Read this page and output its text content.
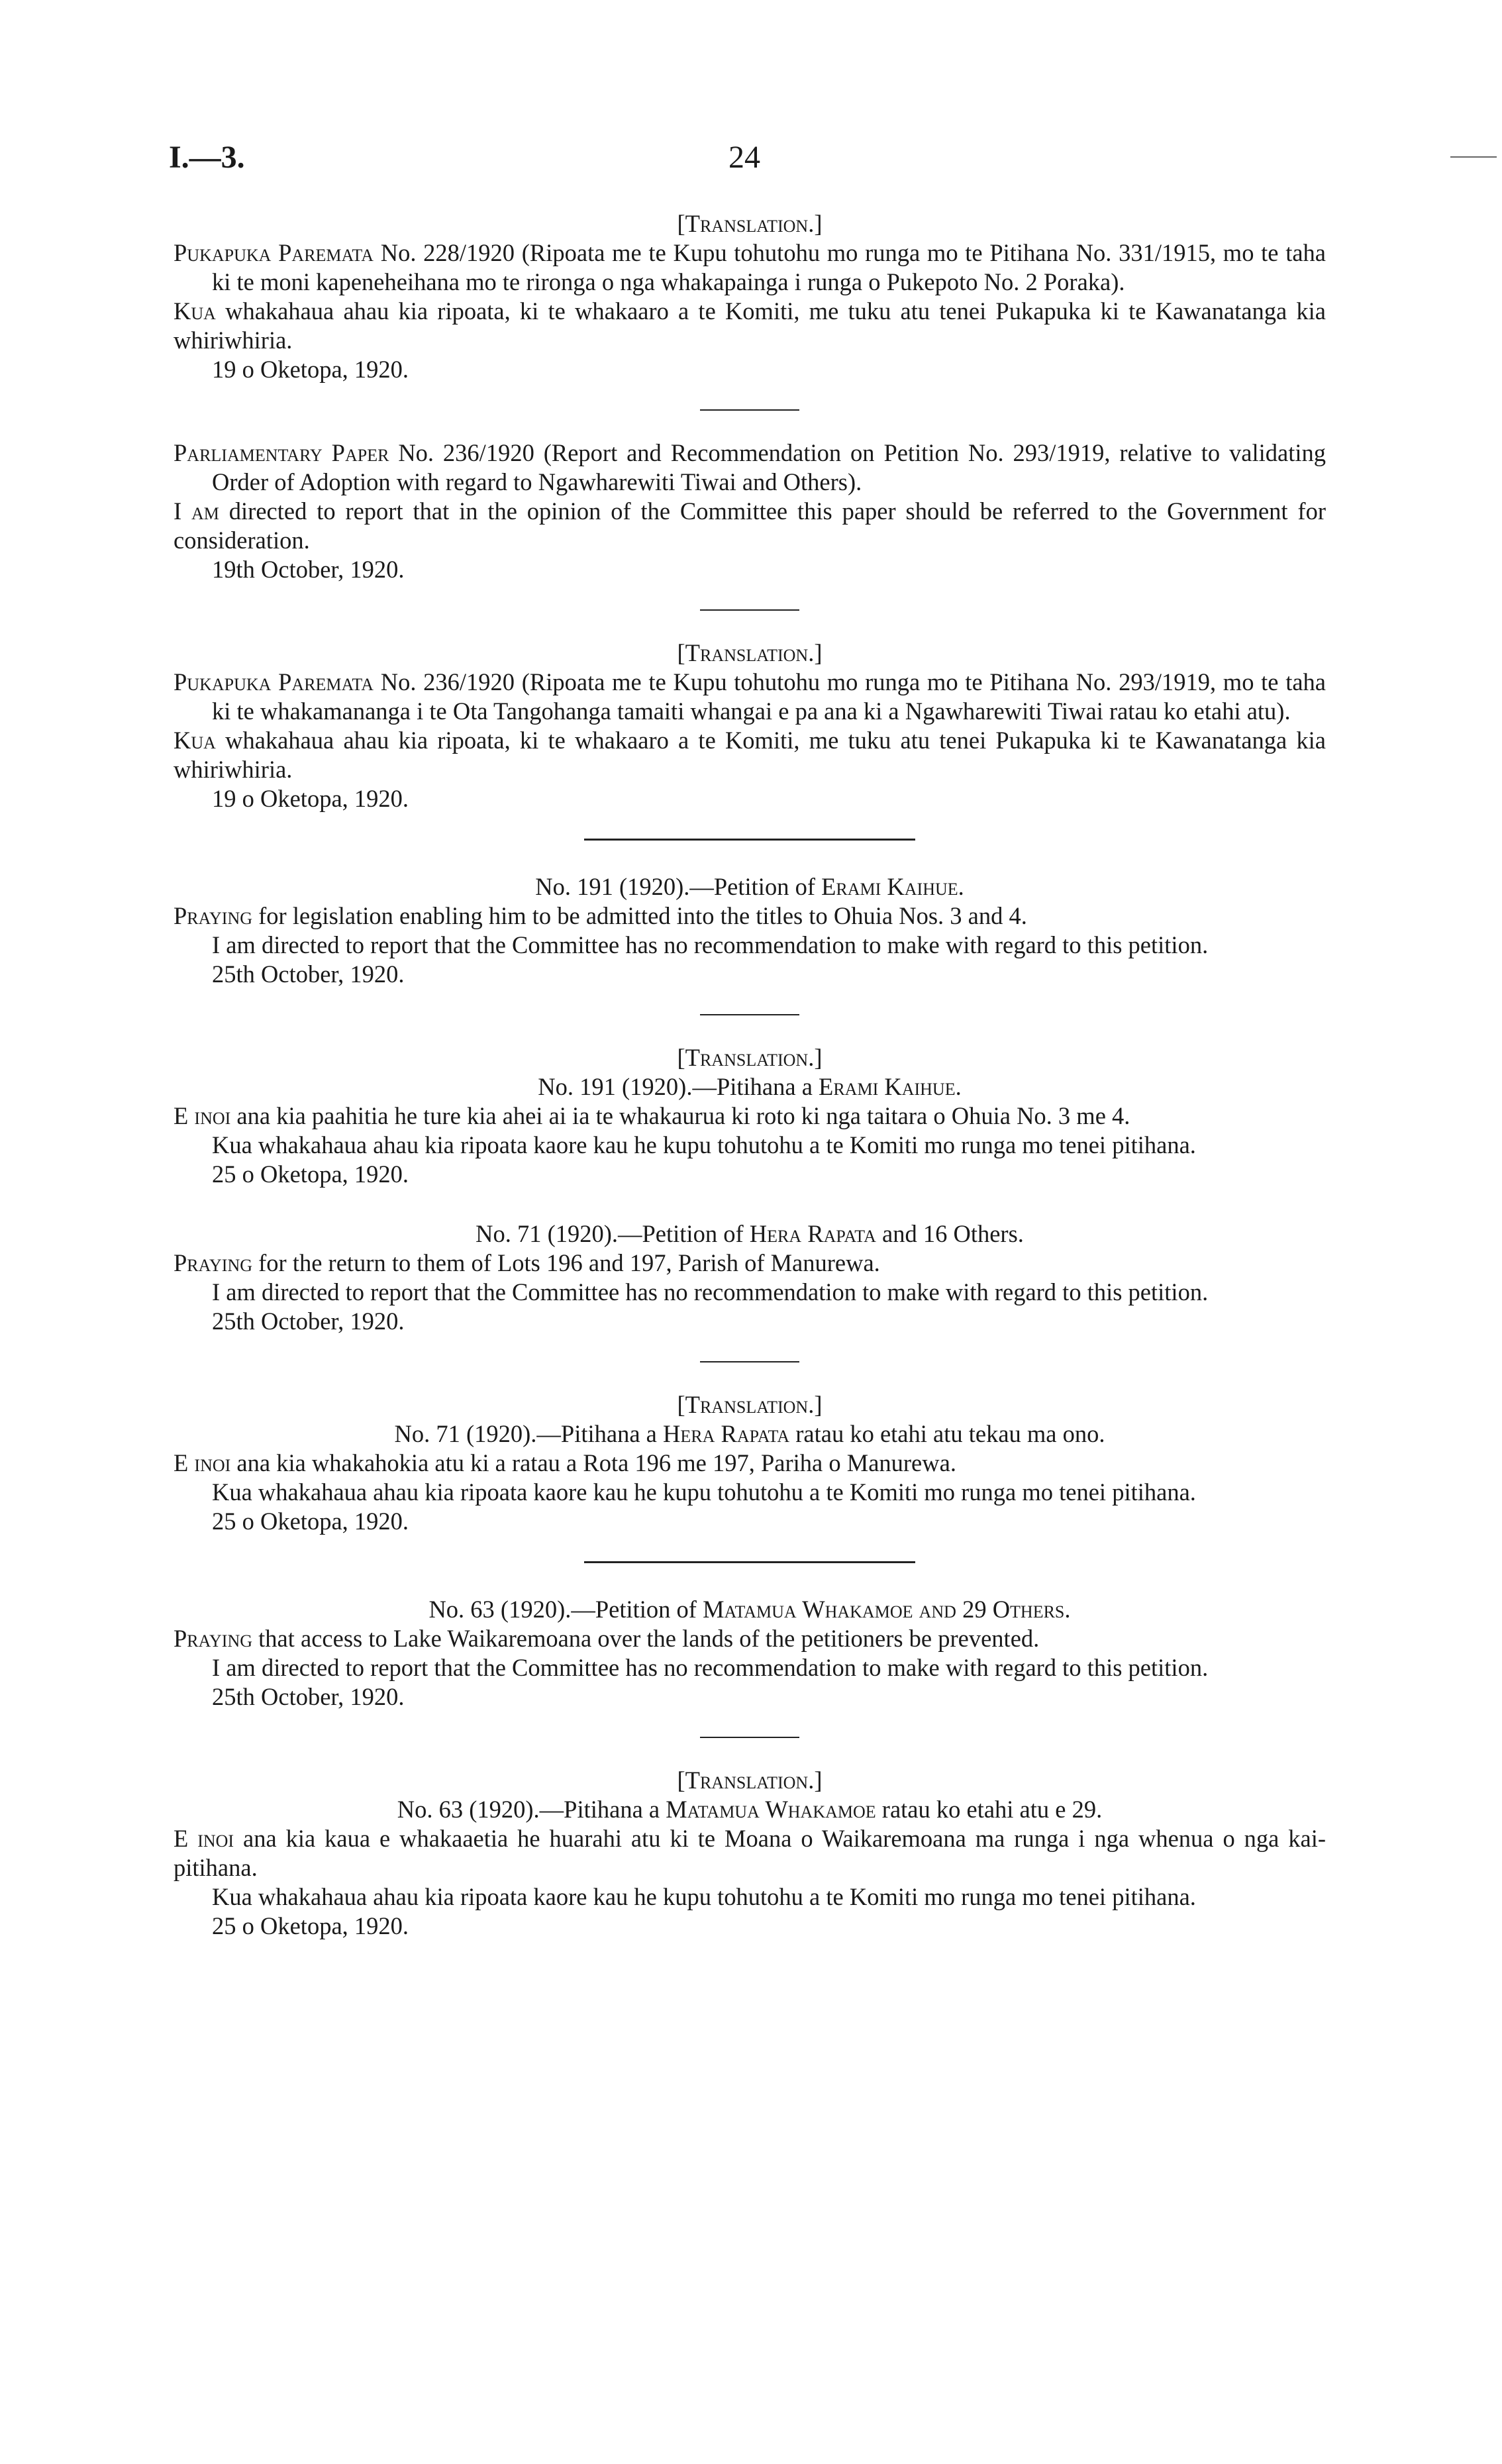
I.—3.	24

[Translation.]

Pukapuka Paremata No. 228/1920 (Ripoata me te Kupu tohutohu mo runga mo te Pitihana No. 331/1915, mo te taha ki te moni kapeneheihana mo te rironga o nga whakapainga i runga o Pukepoto No. 2 Poraka).

Kua whakahaua ahau kia ripoata, ki te whakaaro a te Komiti, me tuku atu tenei Pukapuka ki te Kawanatanga kia whiriwhiria.

19 o Oketopa, 1920.

Parliamentary Paper No. 236/1920 (Report and Recommendation on Petition No. 293/1919, relative to validating Order of Adoption with regard to Ngawharewiti Tiwai and Others).

I am directed to report that in the opinion of the Committee this paper should be referred to the Government for consideration.

19th October, 1920.

[Translation.]

Pukapuka Paremata No. 236/1920 (Ripoata me te Kupu tohutohu mo runga mo te Pitihana No. 293/1919, mo te taha ki te whakamananga i te Ota Tangohanga tamaiti whangai e pa ana ki a Ngawharewiti Tiwai ratau ko etahi atu).

Kua whakahaua ahau kia ripoata, ki te whakaaro a te Komiti, me tuku atu tenei Pukapuka ki te Kawanatanga kia whiriwhiria.

19 o Oketopa, 1920.

No. 191 (1920).—Petition of Erami Kaihue.

Praying for legislation enabling him to be admitted into the titles to Ohuia Nos. 3 and 4.

I am directed to report that the Committee has no recommendation to make with regard to this petition.

25th October, 1920.

[Translation.]

No. 191 (1920).—Pitihana a Erami Kaihue.

E inoi ana kia paahitia he ture kia ahei ai ia te whakaurua ki roto ki nga taitara o Ohuia No. 3 me 4.

Kua whakahaua ahau kia ripoata kaore kau he kupu tohutohu a te Komiti mo runga mo tenei pitihana.

25 o Oketopa, 1920.

No. 71 (1920).—Petition of Hera Rapata and 16 Others.

Praying for the return to them of Lots 196 and 197, Parish of Manurewa.

I am directed to report that the Committee has no recommendation to make with regard to this petition.

25th October, 1920.

[Translation.]

No. 71 (1920).—Pitihana a Hera Rapata ratau ko etahi atu tekau ma ono.

E inoi ana kia whakahokia atu ki a ratau a Rota 196 me 197, Pariha o Manurewa.

Kua whakahaua ahau kia ripoata kaore kau he kupu tohutohu a te Komiti mo runga mo tenei pitihana.

25 o Oketopa, 1920.

No. 63 (1920).—Petition of Matamua Whakamoe and 29 Others.

Praying that access to Lake Waikaremoana over the lands of the petitioners be prevented.

I am directed to report that the Committee has no recommendation to make with regard to this petition.

25th October, 1920.

[Translation.]

No. 63 (1920).—Pitihana a Matamua Whakamoe ratau ko etahi atu e 29.

E inoi ana kia kaua e whakaaetia he huarahi atu ki te Moana o Waikaremoana ma runga i nga whenua o nga kai-pitihana.

Kua whakahaua ahau kia ripoata kaore kau he kupu tohutohu a te Komiti mo runga mo tenei pitihana.

25 o Oketopa, 1920.
